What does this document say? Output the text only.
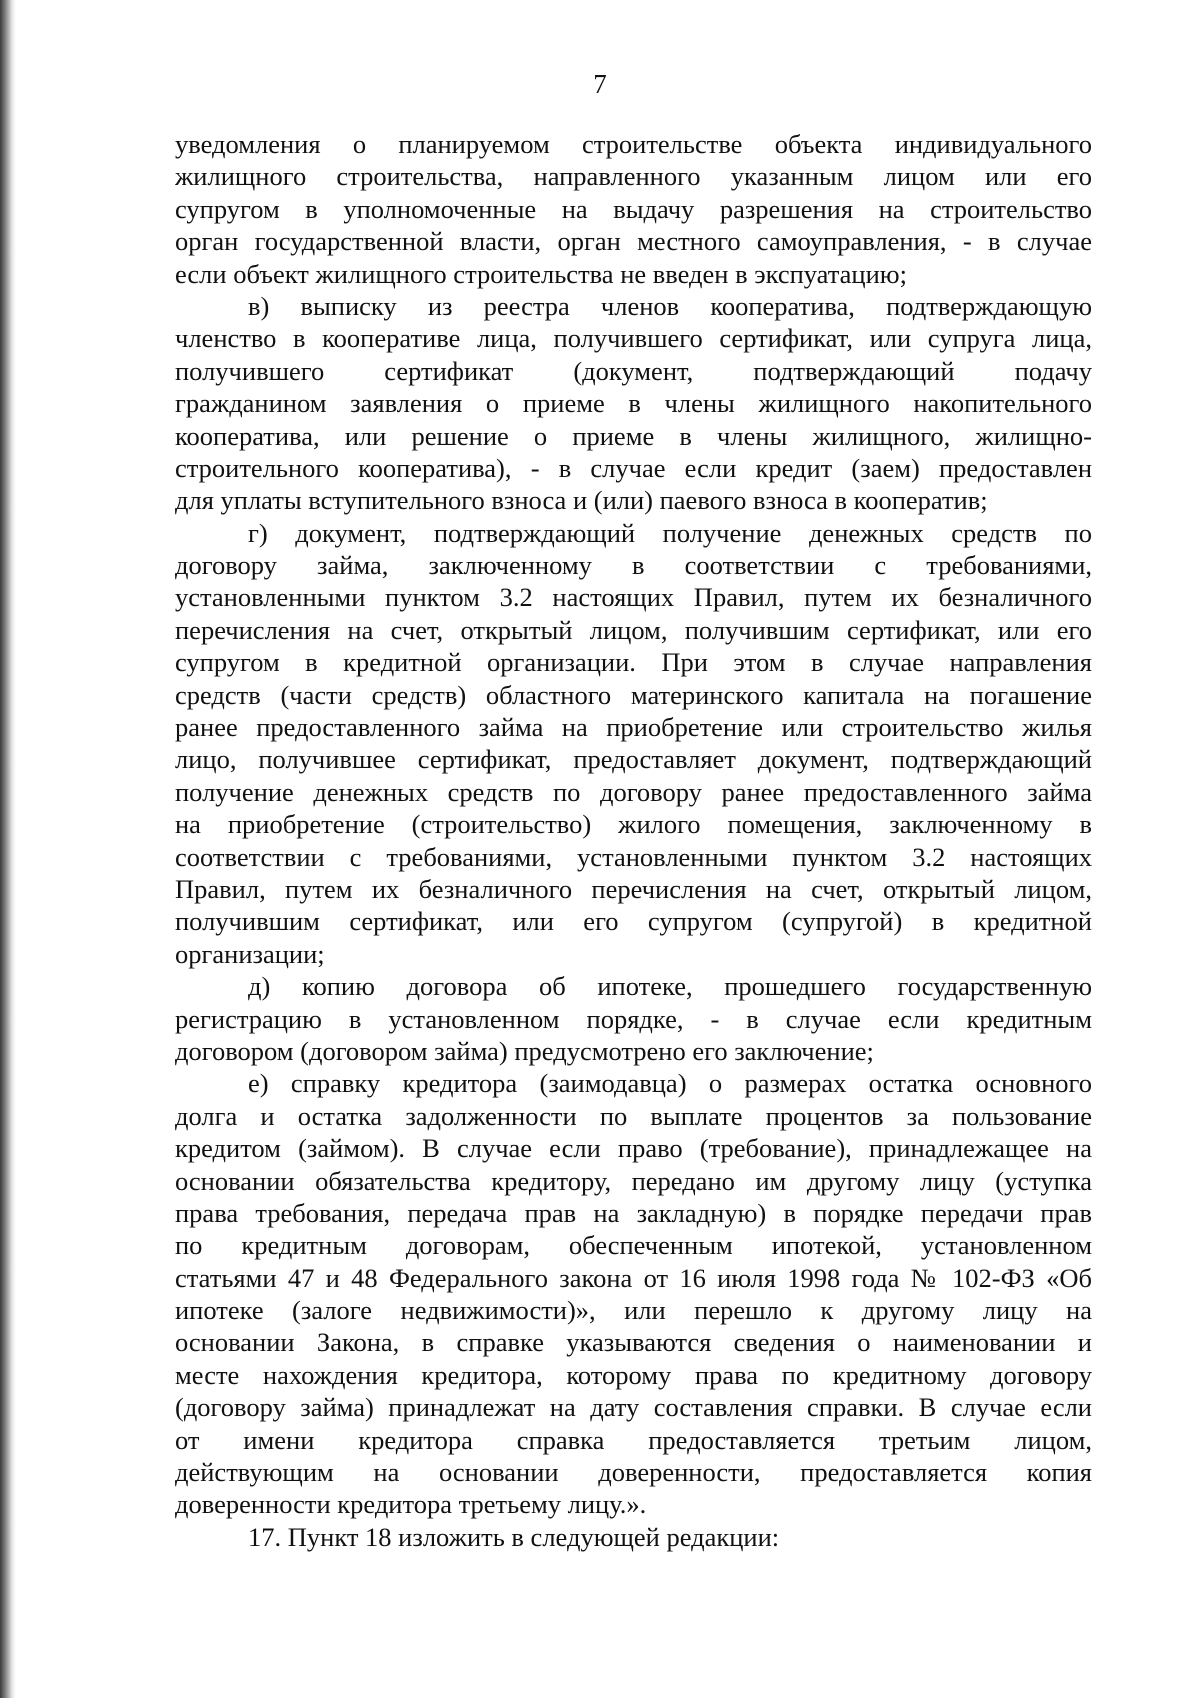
7
уведомления о планируемом строительстве объекта индивидуального
жилищного строительства, направленного указанным лицом или его
супругом в уполномоченные на выдачу разрешения на строительство
орган государственной власти, орган местного самоуправления, - в случае
если объект жилищного строительства не введен в экспуатацию;
в) выписку из реестра членов кооператива, подтверждающую
членство в кооперативе лица, получившего сертификат, или супруга лица,
получившего сертификат (документ, подтверждающий подачу
гражданином заявления о приеме в члены жилищного накопительного
кооператива, или решение о приеме в члены жилищного, жилищно-
строительного кооператива), - в случае если кредит (заем) предоставлен
для уплаты вступительного взноса и (или) паевого взноса в кооператив;
г) документ, подтверждающий получение денежных средств по
договору займа, заключенному в соответствии с требованиями,
установленными пунктом 3.2 настоящих Правил, путем их безналичного
перечисления на счет, открытый лицом, получившим сертификат, или его
супругом в кредитной организации. При этом в случае направления
средств (части средств) областного материнского капитала на погашение
ранее предоставленного займа на приобретение или строительство жилья
лицо, получившее сертификат, предоставляет документ, подтверждающий
получение денежных средств по договору ранее предоставленного займа
на приобретение (строительство) жилого помещения, заключенному в
соответствии с требованиями, установленными пунктом 3.2 настоящих
Правил, путем их безналичного перечисления на счет, открытый лицом,
получившим сертификат, или его супругом (супругой) в кредитной
организации;
д) копию договора об ипотеке, прошедшего государственную
регистрацию в установленном порядке, - в случае если кредитным
договором (договором займа) предусмотрено его заключение;
е) справку кредитора (заимодавца) о размерах остатка основного
долга и остатка задолженности по выплате процентов за пользование
кредитом (займом). В случае если право (требование), принадлежащее на
основании обязательства кредитору, передано им другому лицу (уступка
права требования, передача прав на закладную) в порядке передачи прав
по кредитным договорам, обеспеченным ипотекой, установленном
статьями 47 и 48 Федерального закона от 16 июля 1998 года № 102-ФЗ «Об
ипотеке (залоге недвижимости)», или перешло к другому лицу на
основании Закона, в справке указываются сведения о наименовании и
месте нахождения кредитора, которому права по кредитному договору
(договору займа) принадлежат на дату составления справки. В случае если
от имени кредитора справка предоставляется третьим лицом,
действующим на основании доверенности, предоставляется копия
доверенности кредитора третьему лицу.».
17. Пункт 18 изложить в следующей редакции:
